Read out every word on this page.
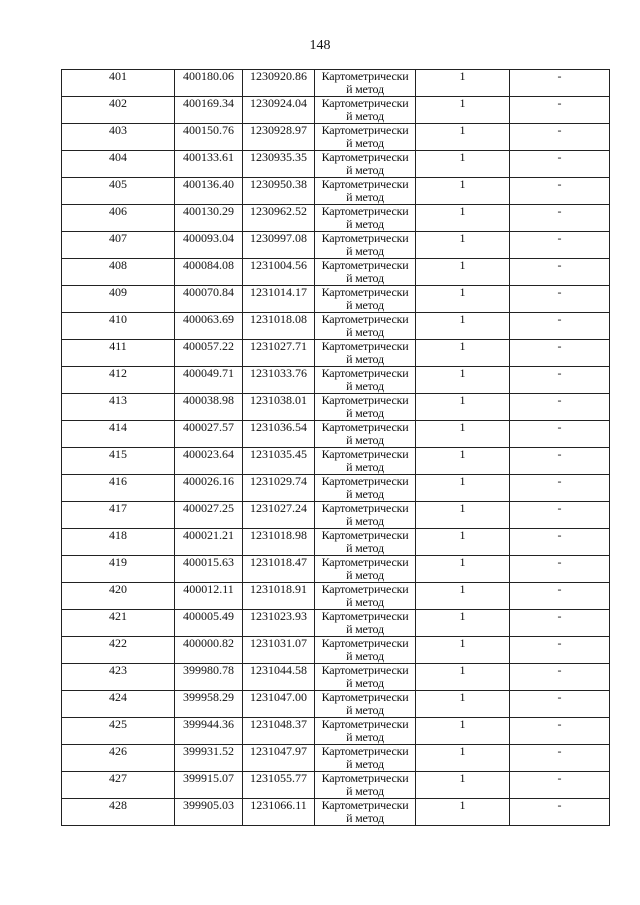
148
401	400180.06	1230920.86	Картометрически
й метод	1	-
402	400169.34	1230924.04	Картометрически
й метод	1	-
403	400150.76	1230928.97	Картометрически
й метод	1	-
404	400133.61	1230935.35	Картометрически
й метод	1	-
405	400136.40	1230950.38	Картометрически
й метод	1	-
406	400130.29	1230962.52	Картометрически
й метод	1	-
407	400093.04	1230997.08	Картометрически
й метод	1	-
408	400084.08	1231004.56	Картометрически
й метод	1	-
409	400070.84	1231014.17	Картометрически
й метод	1	-
410	400063.69	1231018.08	Картометрически
й метод	1	-
411	400057.22	1231027.71	Картометрически
й метод	1	-
412	400049.71	1231033.76	Картометрически
й метод	1	-
413	400038.98	1231038.01	Картометрически
й метод	1	-
414	400027.57	1231036.54	Картометрически
й метод	1	-
415	400023.64	1231035.45	Картометрически
й метод	1	-
416	400026.16	1231029.74	Картометрически
й метод	1	-
417	400027.25	1231027.24	Картометрически
й метод	1	-
418	400021.21	1231018.98	Картометрически
й метод	1	-
419	400015.63	1231018.47	Картометрически
й метод	1	-
420	400012.11	1231018.91	Картометрически
й метод	1	-
421	400005.49	1231023.93	Картометрически
й метод	1	-
422	400000.82	1231031.07	Картометрически
й метод	1	-
423	399980.78	1231044.58	Картометрически
й метод	1	-
424	399958.29	1231047.00	Картометрически
й метод	1	-
425	399944.36	1231048.37	Картометрически
й метод	1	-
426	399931.52	1231047.97	Картометрически
й метод	1	-
427	399915.07	1231055.77	Картометрически
й метод	1	-
428	399905.03	1231066.11	Картометрически
й метод	1	-
